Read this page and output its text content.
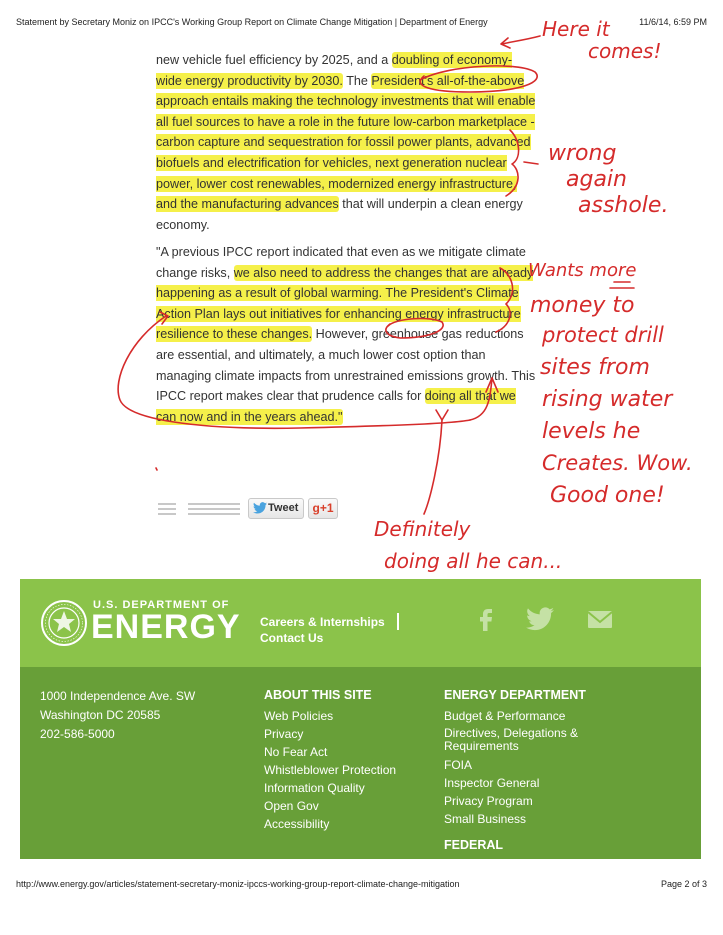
Statement by Secretary Moniz on IPCC's Working Group Report on Climate Change Mitigation | Department of Energy	11/6/14, 6:59 PM
new vehicle fuel efficiency by 2025, and a doubling of economy-wide energy productivity by 2030. The President's all-of-the-above approach entails making the technology investments that will enable all fuel sources to have a role in the future low-carbon marketplace - carbon capture and sequestration for fossil power plants, advanced biofuels and electrification for vehicles, next generation nuclear power, lower cost renewables, modernized energy infrastructure, and the manufacturing advances that will underpin a clean energy economy.
"A previous IPCC report indicated that even as we mitigate climate change risks, we also need to address the changes that are already happening as a result of global warming. The President's Climate Action Plan lays out initiatives for enhancing energy infrastructure resilience to these changes. However, greenhouse gas reductions are essential, and ultimately, a much lower cost option than managing climate impacts from unrestrained emissions growth. This IPCC report makes clear that prudence calls for doing all that we can now and in the years ahead."
Tweet	g+1
U.S. DEPARTMENT OF
ENERGY Careers & Internships
Contact Us
1000 Independence Ave. SW
Washington DC 20585
202-586-5000
ABOUT THIS SITE
Web Policies
Privacy
No Fear Act
Whistleblower Protection
Information Quality
Open Gov
Accessibility
ENERGY DEPARTMENT
Budget & Performance
Directives, Delegations & Requirements
FOIA
Inspector General
Privacy Program
Small Business
FEDERAL
http://www.energy.gov/articles/statement-secretary-moniz-ipccs-working-group-report-climate-change-mitigation	Page 2 of 3
Here it
comes!
wrong
again
asshole.
Wants more
money to
protect drill
sites from
rising water
levels he
Creates. Wow.
Good one!
Definitely
doing all he can...
